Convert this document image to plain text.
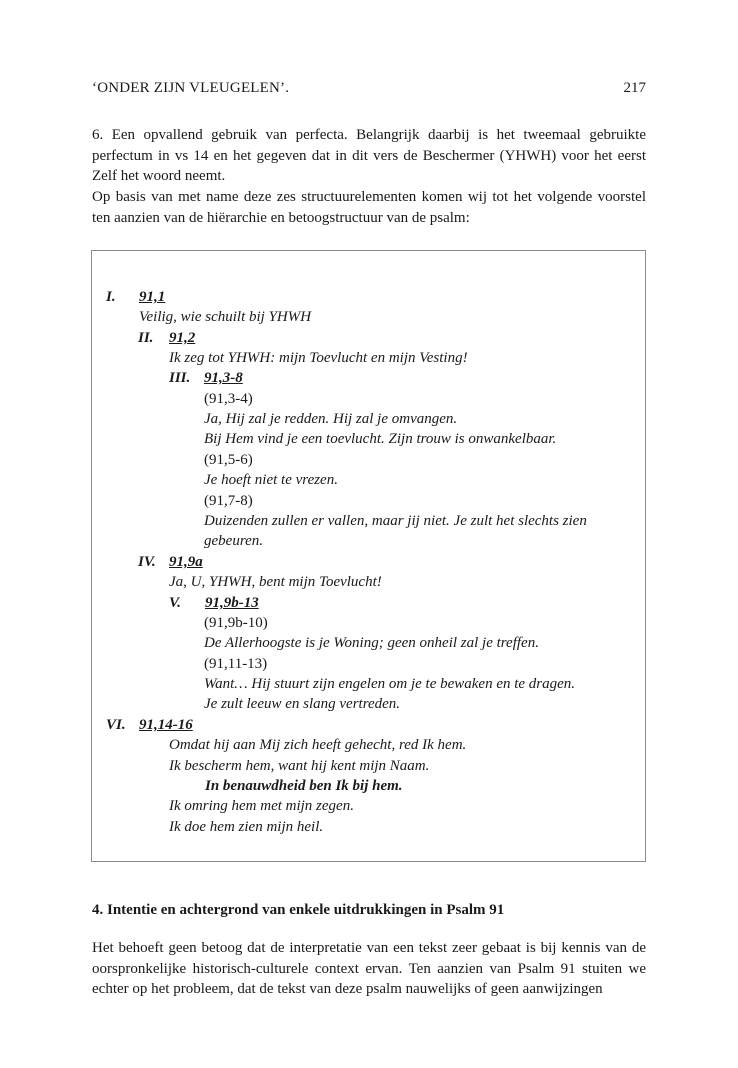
‘ONDER ZIJN VLEUGELEN’.	217

6. Een opvallend gebruik van perfecta. Belangrijk daarbij is het tweemaal gebruikte perfectum in vs 14 en het gegeven dat in dit vers de Beschermer (YHWH) voor het eerst Zelf het woord neemt.

Op basis van met name deze zes structuurelementen komen wij tot het volgende voorstel ten aanzien van de hiërarchie en betoogstructuur van de psalm:

I. 91,1
Veilig, wie schuilt bij YHWH
II. 91,2
Ik zeg tot YHWH: mijn Toevlucht en mijn Vesting!
III. 91,3-8
(91,3-4)
Ja, Hij zal je redden. Hij zal je omvangen.
Bij Hem vind je een toevlucht. Zijn trouw is onwankelbaar.
(91,5-6)
Je hoeft niet te vrezen.
(91,7-8)
Duizenden zullen er vallen, maar jij niet. Je zult het slechts zien
gebeuren.
IV. 91,9a
Ja, U, YHWH, bent mijn Toevlucht!
V. 91,9b-13
(91,9b-10)
De Allerhoogste is je Woning; geen onheil zal je treffen.
(91,11-13)
Want… Hij stuurt zijn engelen om je te bewaken en te dragen.
Je zult leeuw en slang vertreden.
VI. 91,14-16
Omdat hij aan Mij zich heeft gehecht, red Ik hem.
Ik bescherm hem, want hij kent mijn Naam.
In benauwdheid ben Ik bij hem.
Ik omring hem met mijn zegen.
Ik doe hem zien mijn heil.
4. Intentie en achtergrond van enkele uitdrukkingen in Psalm 91

Het behoeft geen betoog dat de interpretatie van een tekst zeer gebaat is bij kennis van de oorspronkelijke historisch-culturele context ervan. Ten aanzien van Psalm 91 stuiten we echter op het probleem, dat de tekst van deze psalm nauwelijks of geen aanwijzingen
